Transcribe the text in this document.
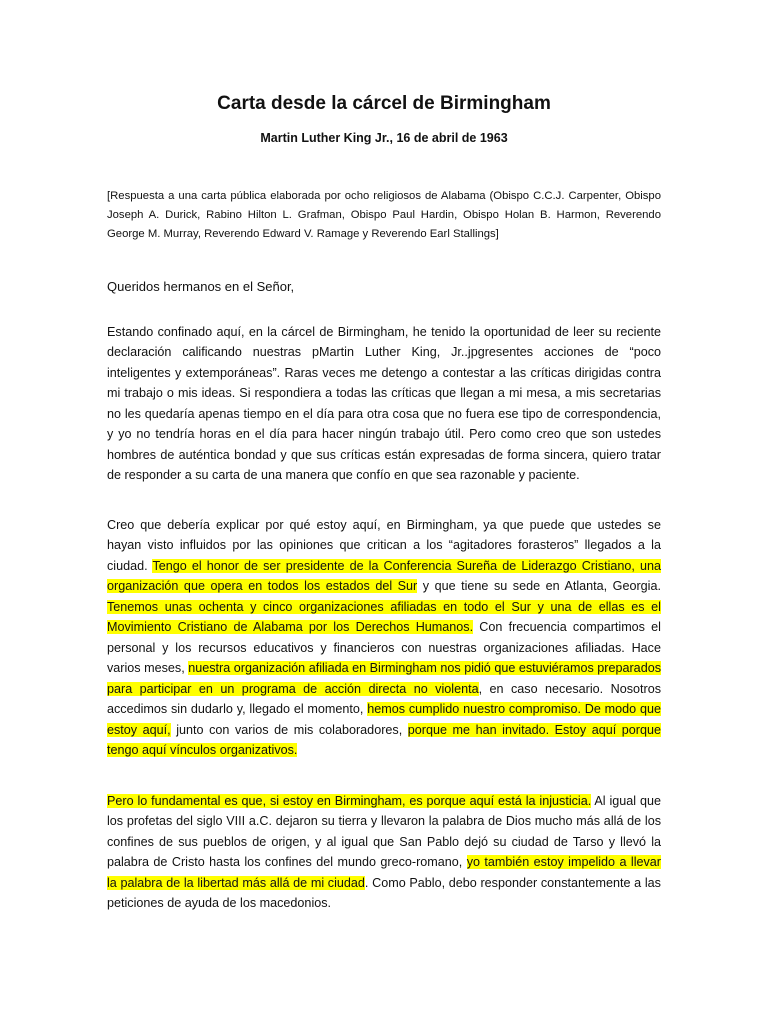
Carta desde la cárcel de Birmingham
Martin Luther King Jr., 16 de abril de 1963
[Respuesta a una carta pública elaborada por ocho religiosos de Alabama (Obispo C.C.J. Carpenter, Obispo Joseph A. Durick, Rabino Hilton L. Grafman, Obispo Paul Hardin, Obispo Holan B. Harmon, Reverendo George M. Murray, Reverendo Edward V. Ramage y Reverendo Earl Stallings]
Queridos hermanos en el Señor,

Estando confinado aquí, en la cárcel de Birmingham, he tenido la oportunidad de leer su reciente declaración calificando nuestras pMartin Luther King, Jr..jpgresentes acciones de “poco inteligentes y extemporáneas”. Raras veces me detengo a contestar a las críticas dirigidas contra mi trabajo o mis ideas. Si respondiera a todas las críticas que llegan a mi mesa, a mis secretarias no les quedaría apenas tiempo en el día para otra cosa que no fuera ese tipo de correspondencia, y yo no tendría horas en el día para hacer ningún trabajo útil. Pero como creo que son ustedes hombres de auténtica bondad y que sus críticas están expresadas de forma sincera, quiero tratar de responder a su carta de una manera que confío en que sea razonable y paciente.

Creo que debería explicar por qué estoy aquí, en Birmingham, ya que puede que ustedes se hayan visto influidos por las opiniones que critican a los “agitadores forasteros” llegados a la ciudad. Tengo el honor de ser presidente de la Conferencia Sureña de Liderazgo Cristiano, una organización que opera en todos los estados del Sur y que tiene su sede en Atlanta, Georgia. Tenemos unas ochenta y cinco organizaciones afiliadas en todo el Sur y una de ellas es el Movimiento Cristiano de Alabama por los Derechos Humanos. Con frecuencia compartimos el personal y los recursos educativos y financieros con nuestras organizaciones afiliadas. Hace varios meses, nuestra organización afiliada en Birmingham nos pidió que estuviéramos preparados para participar en un programa de acción directa no violenta, en caso necesario. Nosotros accedimos sin dudarlo y, llegado el momento, hemos cumplido nuestro compromiso. De modo que estoy aquí, junto con varios de mis colaboradores, porque me han invitado. Estoy aquí porque tengo aquí vínculos organizativos.

Pero lo fundamental es que, si estoy en Birmingham, es porque aquí está la injusticia. Al igual que los profetas del siglo VIII a.C. dejaron su tierra y llevaron la palabra de Dios mucho más allá de los confines de sus pueblos de origen, y al igual que San Pablo dejó su ciudad de Tarso y llevó la palabra de Cristo hasta los confines del mundo greco-romano, yo también estoy impelido a llevar la palabra de la libertad más allá de mi ciudad. Como Pablo, debo responder constantemente a las peticiones de ayuda de los macedonios.
